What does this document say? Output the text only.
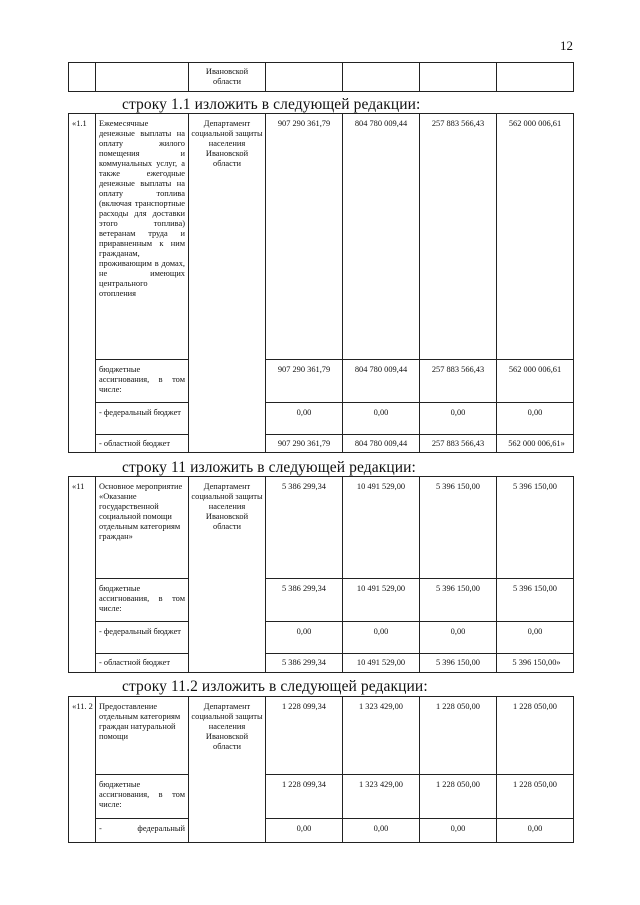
12

Ивановской области

строку 1.1 изложить в следующей редакции:
«1.1	Ежемесячные денежные выплаты на оплату жилого помещения и коммунальных услуг, а также ежегодные денежные выплаты на оплату топлива (включая транспортные расходы для доставки этого топлива) ветеранам труда и приравненным к ним гражданам, проживающим в домах, не имеющих центрального отопления	Департамент социальной защиты населения Ивановской области	907 290 361,79	804 780 009,44	257 883 566,43	562 000 006,61

	бюджетные ассигнования, в том числе:		907 290 361,79	804 780 009,44	257 883 566,43	562 000 006,61

	- федеральный бюджет		0,00	0,00	0,00	0,00

	- областной бюджет		907 290 361,79	804 780 009,44	257 883 566,43	562 000 006,61»
строку 11 изложить в следующей редакции:
«11	Основное мероприятие «Оказание государственной социальной помощи отдельным категориям граждан»	Департамент социальной защиты населения Ивановской области	5 386 299,34	10 491 529,00	5 396 150,00	5 396 150,00

	бюджетные ассигнования, в том числе:		5 386 299,34	10 491 529,00	5 396 150,00	5 396 150,00

	- федеральный бюджет		0,00	0,00	0,00	0,00

	- областной бюджет		5 386 299,34	10 491 529,00	5 396 150,00	5 396 150,00»
строку 11.2 изложить в следующей редакции:
«11. 2	Предоставление отдельным категориям граждан натуральной помощи	Департамент социальной защиты населения Ивановской области	1 228 099,34	1 323 429,00	1 228 050,00	1 228 050,00

	бюджетные ассигнования, в том числе:		1 228 099,34	1 323 429,00	1 228 050,00	1 228 050,00

	- федеральный		0,00	0,00	0,00	0,00
